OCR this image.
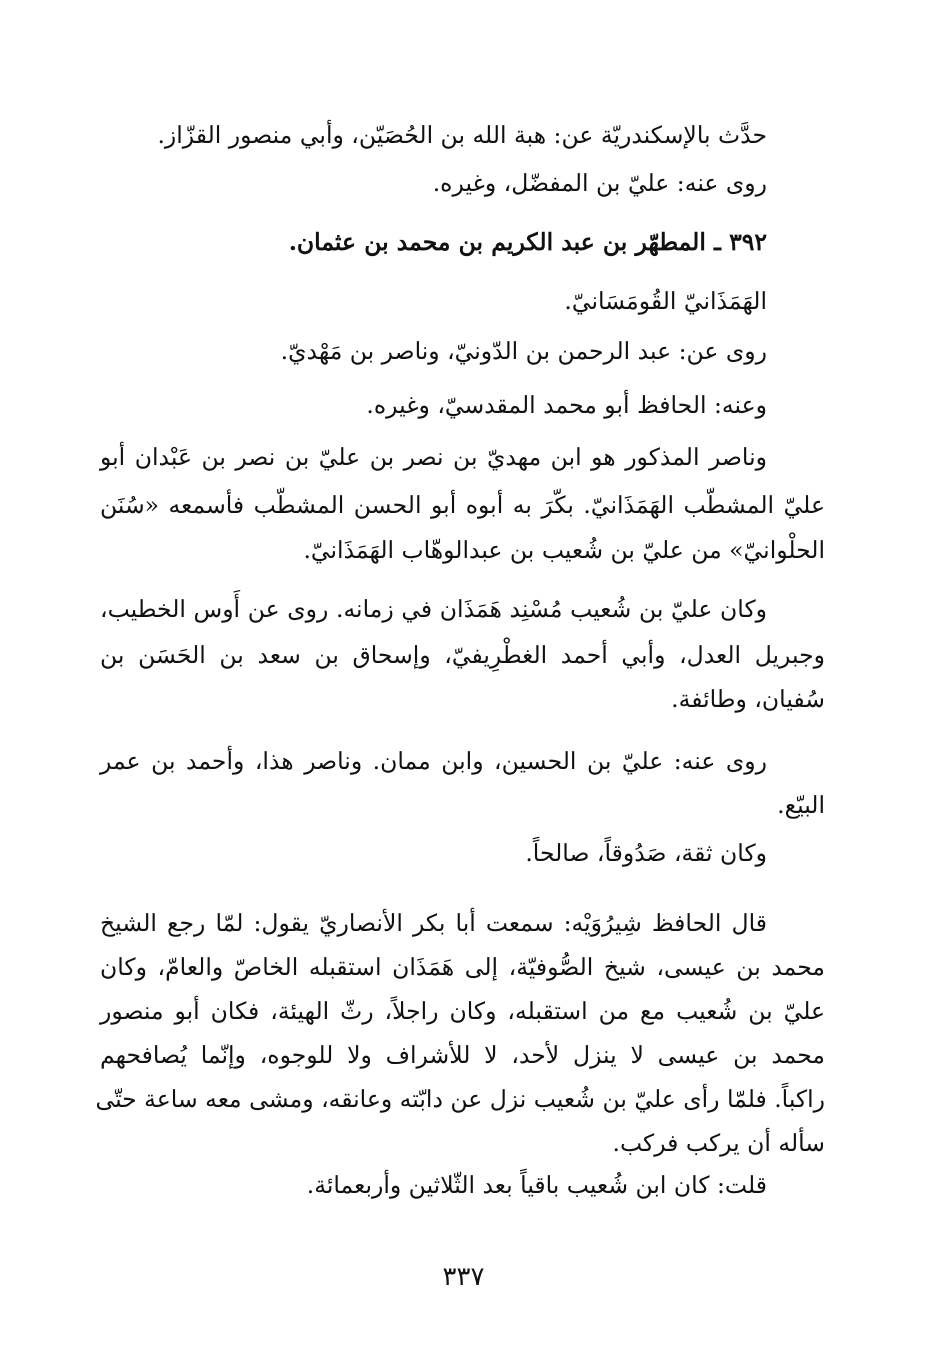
حدَّث بالإسكندريّة عن: هبة الله بن الحُصَيّن، وأبي منصور القزّاز.
روى عنه: عليّ بن المفضّل، وغيره.
٣٩٢ ـ المطهّر بن عبد الكريم بن محمد بن عثمان.
الهَمَذَانيّ القُومَسَانيّ.
روى عن: عبد الرحمن بن الدّونيّ، وناصر بن مَهْديّ.
وعنه: الحافظ أبو محمد المقدسيّ، وغيره.
وناصر المذكور هو ابن مهديّ بن نصر بن عليّ بن نصر بن عَبْدان أبو
عليّ المشطّب الهَمَذَانيّ. بكّرَ به أبوه أبو الحسن المشطّب فأسمعه «سُنَن
الحلْوانيّ» من عليّ بن شُعيب بن عبدالوهّاب الهَمَذَانيّ.
وكان عليّ بن شُعيب مُسْنِد هَمَذَان في زمانه. روى عن أَوس الخطيب،
وجبريل العدل، وأبي أحمد الغطْرِيفيّ، وإسحاق بن سعد بن الحَسَن بن
سُفيان، وطائفة.
روى عنه: عليّ بن الحسين، وابن ممان. وناصر هذا، وأحمد بن عمر
البيّع.
وكان ثقة، صَدُوقاً، صالحاً.
قال الحافظ شِيرُوَيْه: سمعت أبا بكر الأنصاريّ يقول: لمّا رجع الشيخ
محمد بن عيسى، شيخ الصُّوفيّة، إلى هَمَذَان استقبله الخاصّ والعامّ، وكان
عليّ بن شُعيب مع من استقبله، وكان راجلاً، رثّ الهيئة، فكان أبو منصور
محمد بن عيسى لا ينزل لأحد، لا للأشراف ولا للوجوه، وإنّما يُصافحهم
راكباً. فلمّا رأى عليّ بن شُعيب نزل عن دابّته وعانقه، ومشى معه ساعة حتّى
سأله أن يركب فركب.
قلت: كان ابن شُعيب باقياً بعد الثّلاثين وأربعمائة.
٣٣٧
